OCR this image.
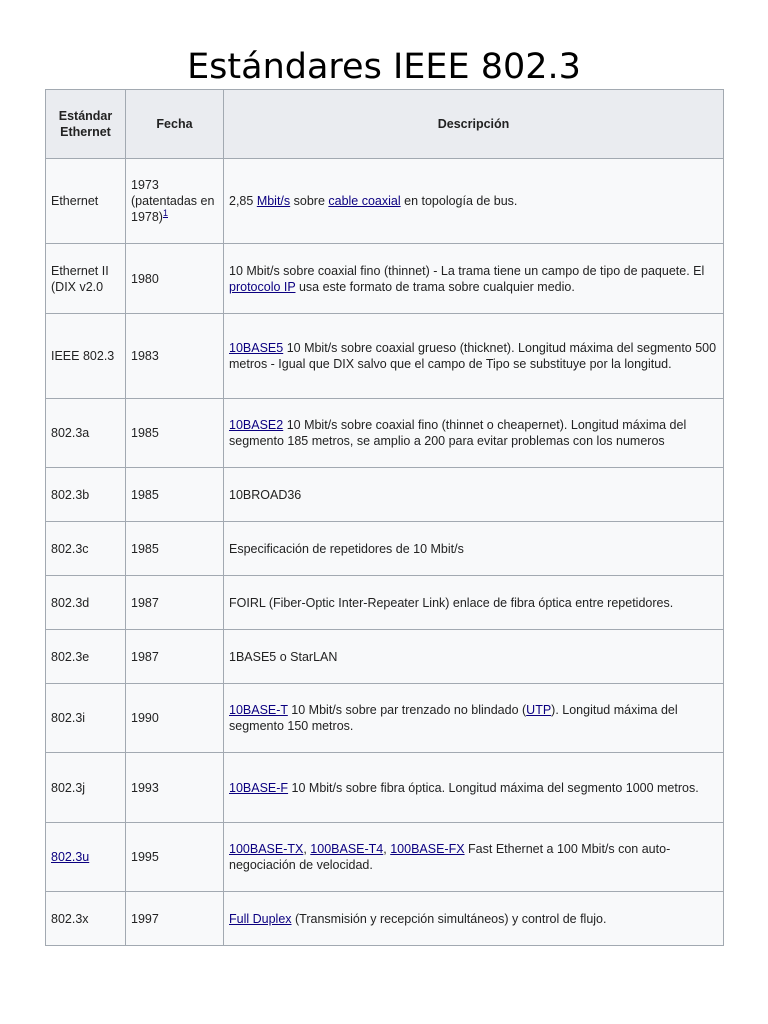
Estándares IEEE 802.3
Estándar
Ethernet	Fecha	Descripción
Ethernet	1973 (patentadas en 1978)$^1$	2,85 Mbit/s sobre cable coaxial en topología de bus.
Ethernet II (DIX v2.0	1980	10 Mbit/s sobre coaxial fino (thinnet) - La trama tiene un campo de tipo de paquete. El protocolo IP usa este formato de trama sobre cualquier medio.
IEEE 802.3	1983	10BASE5 10 Mbit/s sobre coaxial grueso (thicknet). Longitud máxima del segmento 500 metros - Igual que DIX salvo que el campo de Tipo se substituye por la longitud.
802.3a	1985	10BASE2 10 Mbit/s sobre coaxial fino (thinnet o cheapernet). Longitud máxima del segmento 185 metros, se amplio a 200 para evitar problemas con los numeros
802.3b	1985	10BROAD36
802.3c	1985	Especificación de repetidores de 10 Mbit/s
802.3d	1987	FOIRL (Fiber-Optic Inter-Repeater Link) enlace de fibra óptica entre repetidores.
802.3e	1987	1BASE5 o StarLAN
802.3i	1990	10BASE-T 10 Mbit/s sobre par trenzado no blindado (UTP). Longitud máxima del segmento 150 metros.
802.3j	1993	10BASE-F 10 Mbit/s sobre fibra óptica. Longitud máxima del segmento 1000 metros.
802.3u	1995	100BASE-TX, 100BASE-T4, 100BASE-FX Fast Ethernet a 100 Mbit/s con auto-negociación de velocidad.
802.3x	1997	Full Duplex (Transmisión y recepción simultáneos) y control de flujo.
